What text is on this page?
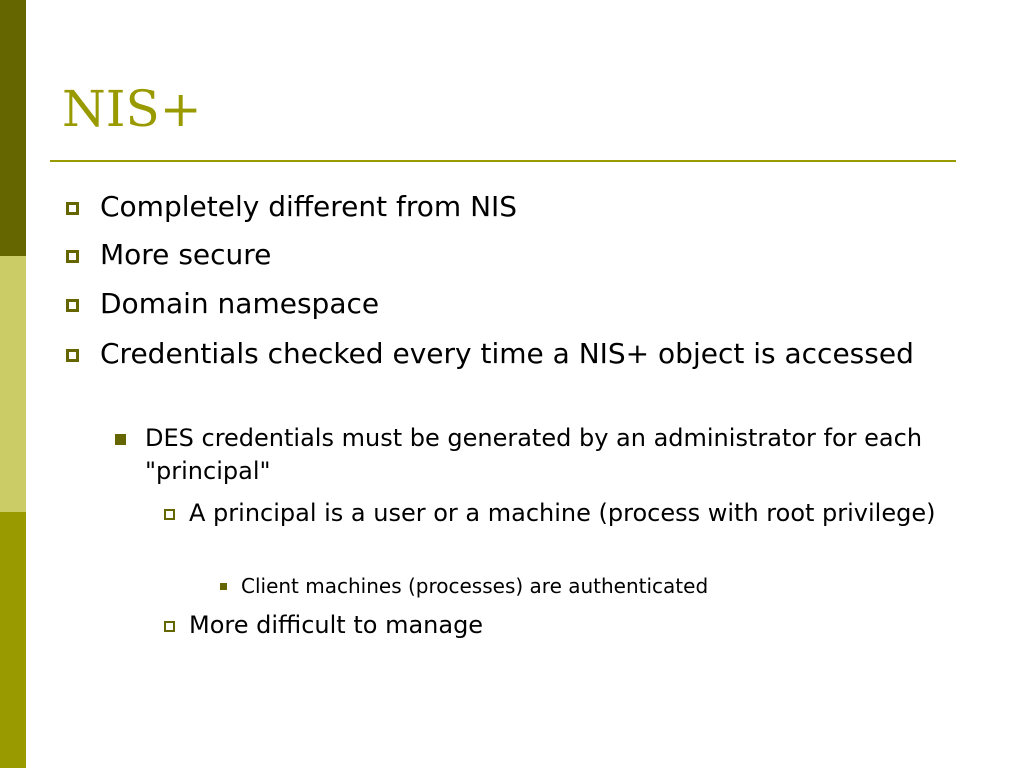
NIS+
Completely different from NIS
More secure
Domain namespace
Credentials checked every time a NIS+ object is accessed
DES credentials must be generated by an administrator for each "principal"
A principal is a user or a machine (process with root privilege)
Client machines (processes) are authenticated
More difficult to manage
